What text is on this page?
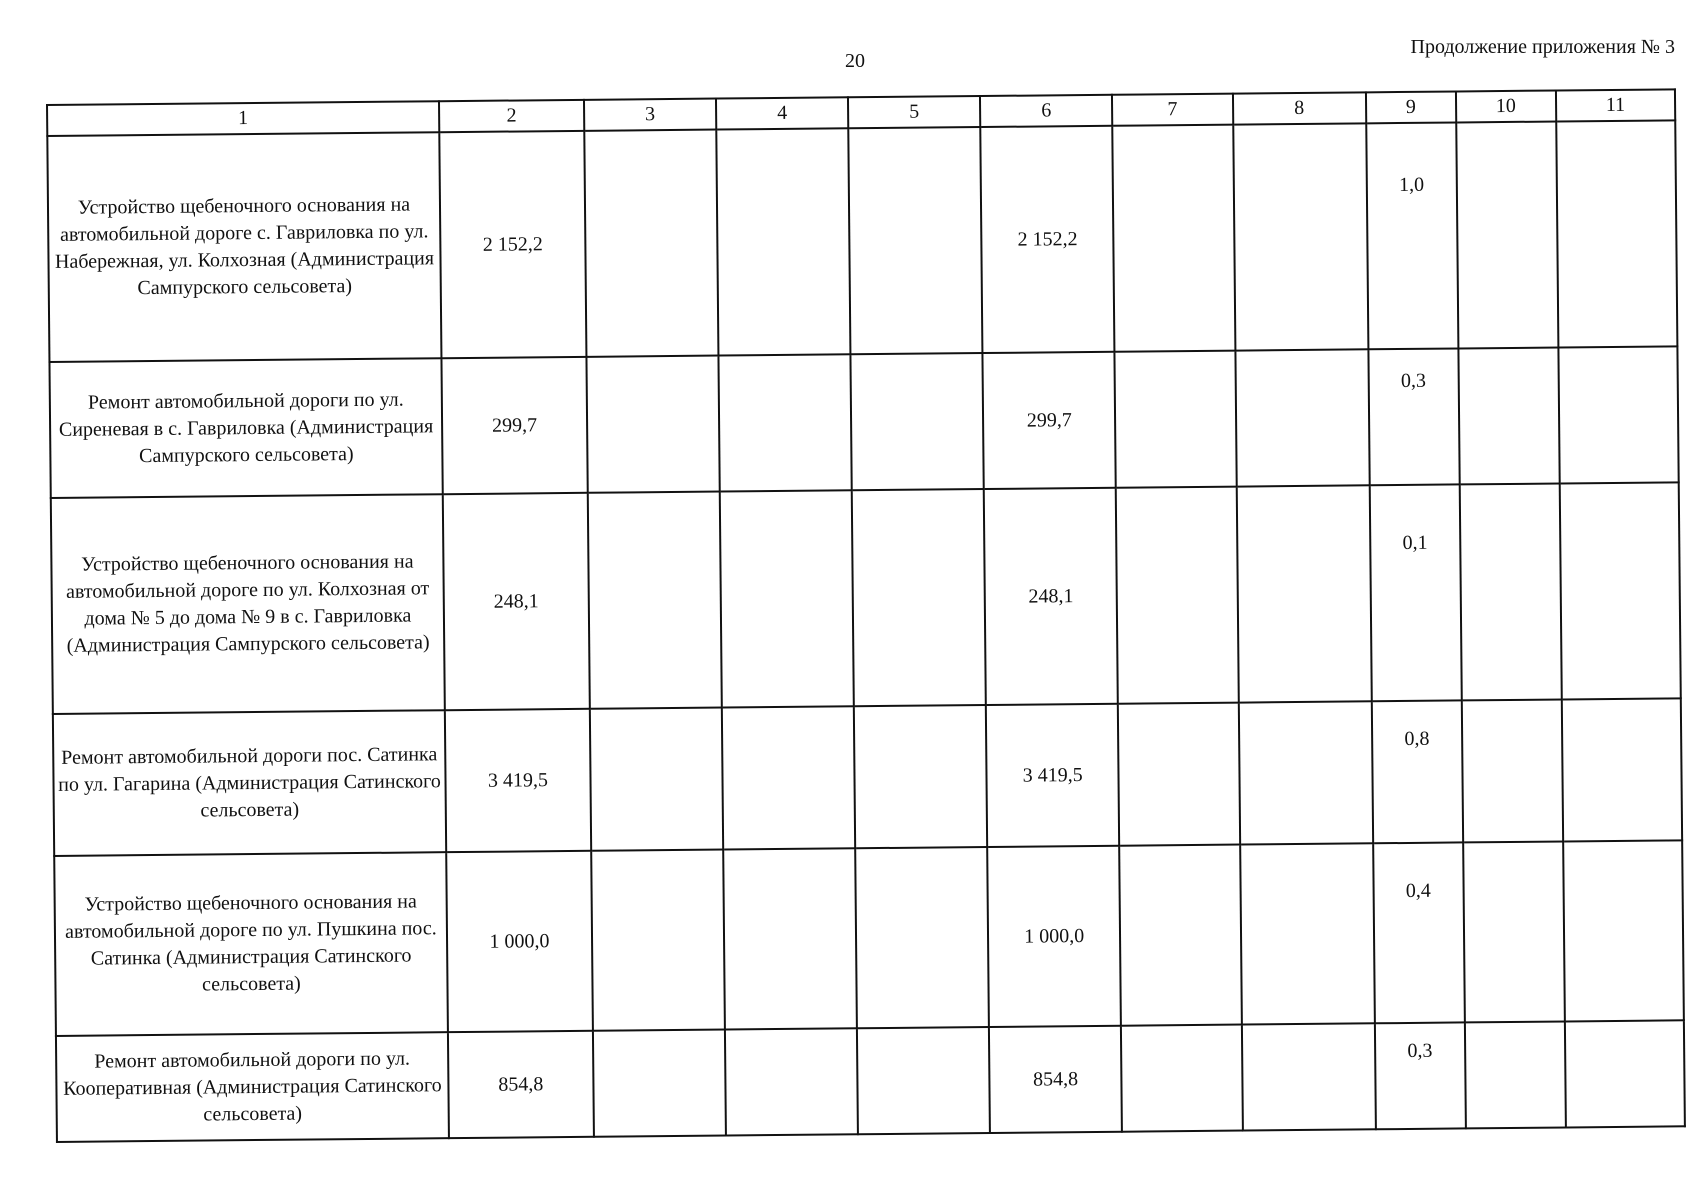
20
Продолжение приложения № 3
1	2	3	4	5	6	7	8	9	10	11
Устройство щебеночного основания на автомобильной дороге с. Гавриловка по ул. Набережная, ул. Колхозная (Администрация Сампурского сельсовета)	2 152,2				2 152,2			1,0		
Ремонт автомобильной дороги по ул. Сиреневая в с. Гавриловка (Администрация Сампурского сельсовета)	299,7				299,7			0,3		
Устройство щебеночного основания на автомобильной дороге по ул. Колхозная от дома № 5 до дома № 9 в с. Гавриловка (Администрация Сампурского сельсовета)	248,1				248,1			0,1		
Ремонт автомобильной дороги пос. Сатинка по ул. Гагарина (Администрация Сатинского сельсовета)	3 419,5				3 419,5			0,8		
Устройство щебеночного основания на автомобильной дороге по ул. Пушкина пос. Сатинка (Администрация Сатинского сельсовета)	1 000,0				1 000,0			0,4		
Ремонт автомобильной дороги по ул. Кооперативная (Администрация Сатинского сельсовета)	854,8				854,8			0,3		
